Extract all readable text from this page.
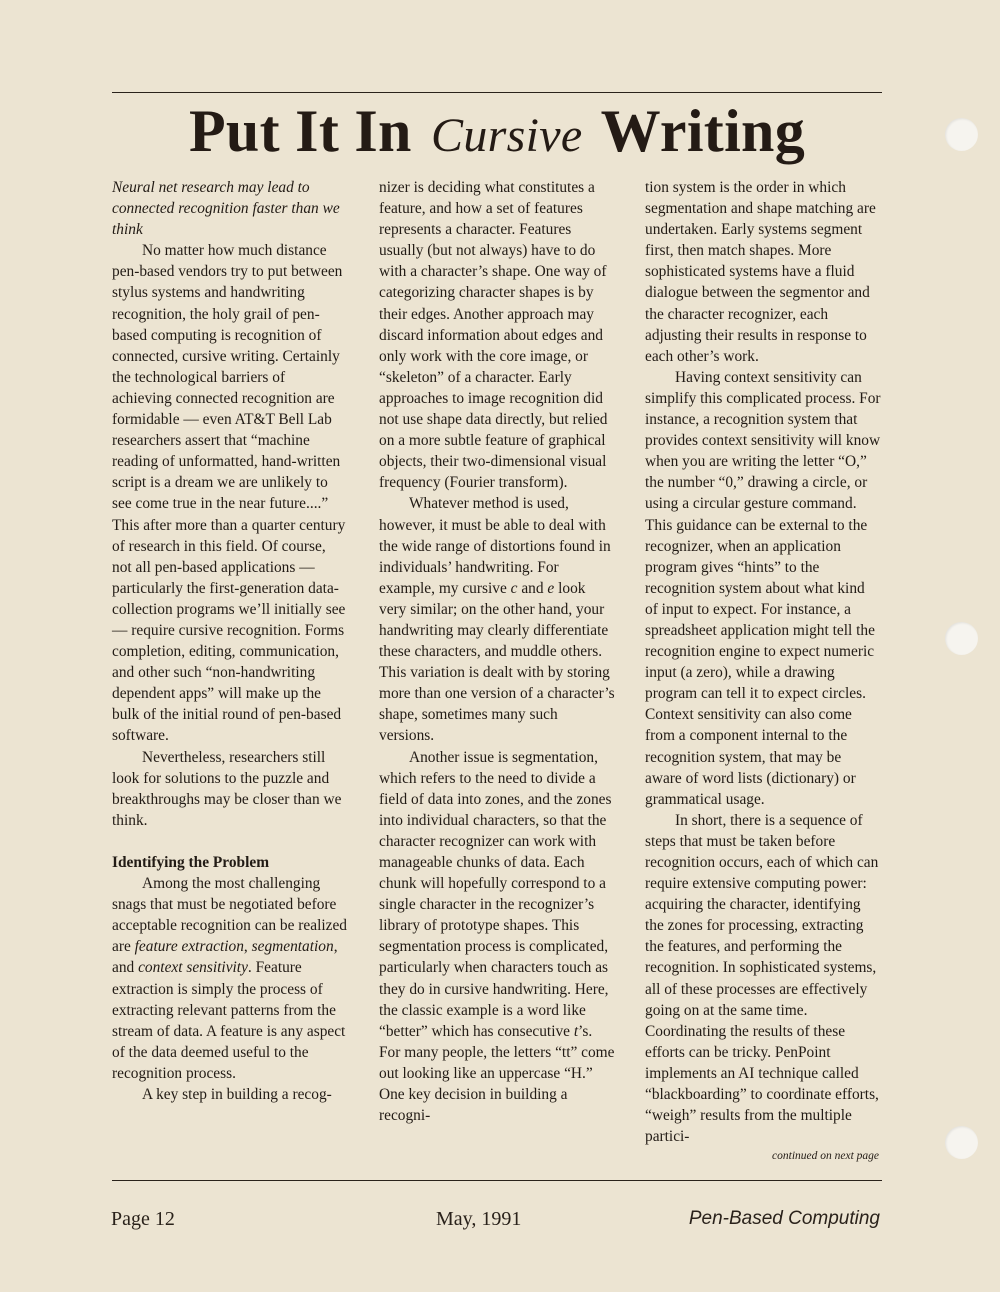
Put It In Cursive Writing

Neural net research may lead to connected recognition faster than we think

No matter how much distance pen-based vendors try to put between stylus systems and handwriting recognition, the holy grail of pen-based computing is recognition of connected, cursive writing. Certainly the technological barriers of achieving connected recognition are formidable — even AT&T Bell Lab researchers assert that “machine reading of unformatted, hand-written script is a dream we are unlikely to see come true in the near future....” This after more than a quarter century of research in this field. Of course, not all pen-based applications — particularly the first-generation data-collection programs we’ll initially see — require cursive recognition. Forms completion, editing, communication, and other such “non-handwriting dependent apps” will make up the bulk of the initial round of pen-based software.

Nevertheless, researchers still look for solutions to the puzzle and breakthroughs may be closer than we think.

Identifying the Problem

Among the most challenging snags that must be negotiated before acceptable recognition can be realized are feature extraction, segmentation, and context sensitivity. Feature extraction is simply the process of extracting relevant patterns from the stream of data. A feature is any aspect of the data deemed useful to the recognition process.

A key step in building a recog-

nizer is deciding what constitutes a feature, and how a set of features represents a character. Features usually (but not always) have to do with a character’s shape. One way of categorizing character shapes is by their edges. Another approach may discard information about edges and only work with the core image, or “skeleton” of a character. Early approaches to image recognition did not use shape data directly, but relied on a more subtle feature of graphical objects, their two-dimensional visual frequency (Fourier transform).

Whatever method is used, however, it must be able to deal with the wide range of distortions found in individuals’ handwriting. For example, my cursive c and e look very similar; on the other hand, your handwriting may clearly differentiate these characters, and muddle others. This variation is dealt with by storing more than one version of a character’s shape, sometimes many such versions.

Another issue is segmentation, which refers to the need to divide a field of data into zones, and the zones into individual characters, so that the character recognizer can work with manageable chunks of data. Each chunk will hopefully correspond to a single character in the recognizer’s library of prototype shapes. This segmentation process is complicated, particularly when characters touch as they do in cursive handwriting. Here, the classic example is a word like “better” which has consecutive t’s. For many people, the letters “tt” come out looking like an uppercase “H.” One key decision in building a recogni-

tion system is the order in which segmentation and shape matching are undertaken. Early systems segment first, then match shapes. More sophisticated systems have a fluid dialogue between the segmentor and the character recognizer, each adjusting their results in response to each other’s work.

Having context sensitivity can simplify this complicated process. For instance, a recognition system that provides context sensitivity will know when you are writing the letter “O,” the number “0,” drawing a circle, or using a circular gesture command. This guidance can be external to the recognizer, when an application program gives “hints” to the recognition system about what kind of input to expect. For instance, a spreadsheet application might tell the recognition engine to expect numeric input (a zero), while a drawing program can tell it to expect circles. Context sensitivity can also come from a component internal to the recognition system, that may be aware of word lists (dictionary) or grammatical usage.

In short, there is a sequence of steps that must be taken before recognition occurs, each of which can require extensive computing power: acquiring the character, identifying the zones for processing, extracting the features, and performing the recognition. In sophisticated systems, all of these processes are effectively going on at the same time. Coordinating the results of these efforts can be tricky. PenPoint implements an AI technique called “blackboarding” to coordinate efforts, “weigh” results from the multiple partici-

continued on next page

Page 12	May, 1991	Pen-Based Computing
